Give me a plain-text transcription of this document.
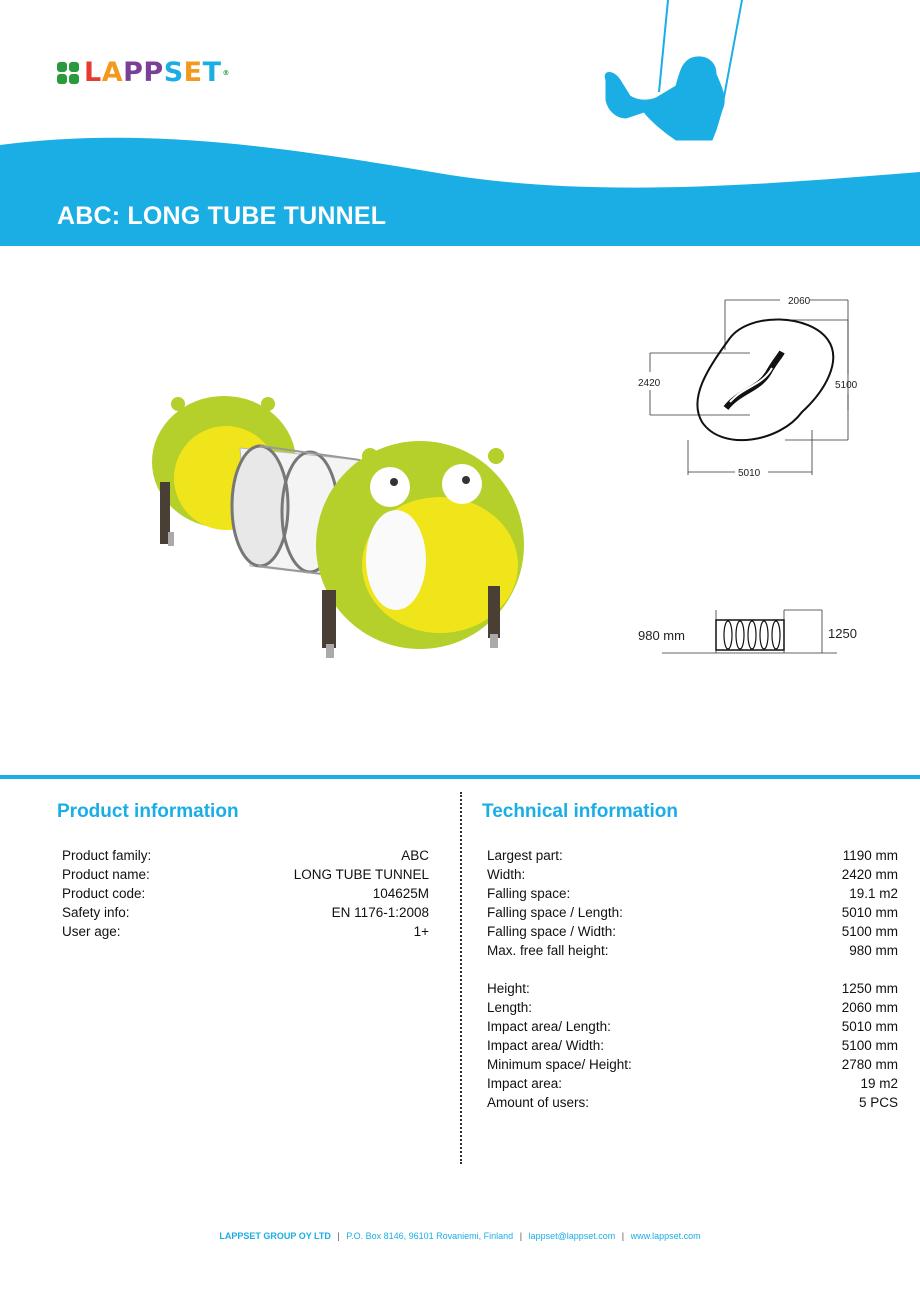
LAPPSET®
ABC: LONG TUBE TUNNEL
2060
2420	5100
5010
980 mm	1250
Product information
Product family:	ABC
Product name:	LONG TUBE TUNNEL
Product code:	104625M
Safety info:	EN 1176-1:2008
User age:	1+
Technical information
Largest part:	1190 mm
Width:	2420 mm
Falling space:	19.1 m2
Falling space / Length:	5010 mm
Falling space / Width:	5100 mm
Max. free fall height:	980 mm
Height:	1250 mm
Length:	2060 mm
Impact area/ Length:	5010 mm
Impact area/ Width:	5100 mm
Minimum space/ Height:	2780 mm
Impact area:	19 m2
Amount of users:	5 PCS
LAPPSET GROUP OY LTD | P.O. Box 8146, 96101 Rovaniemi, Finland | lappset@lappset.com | www.lappset.com
